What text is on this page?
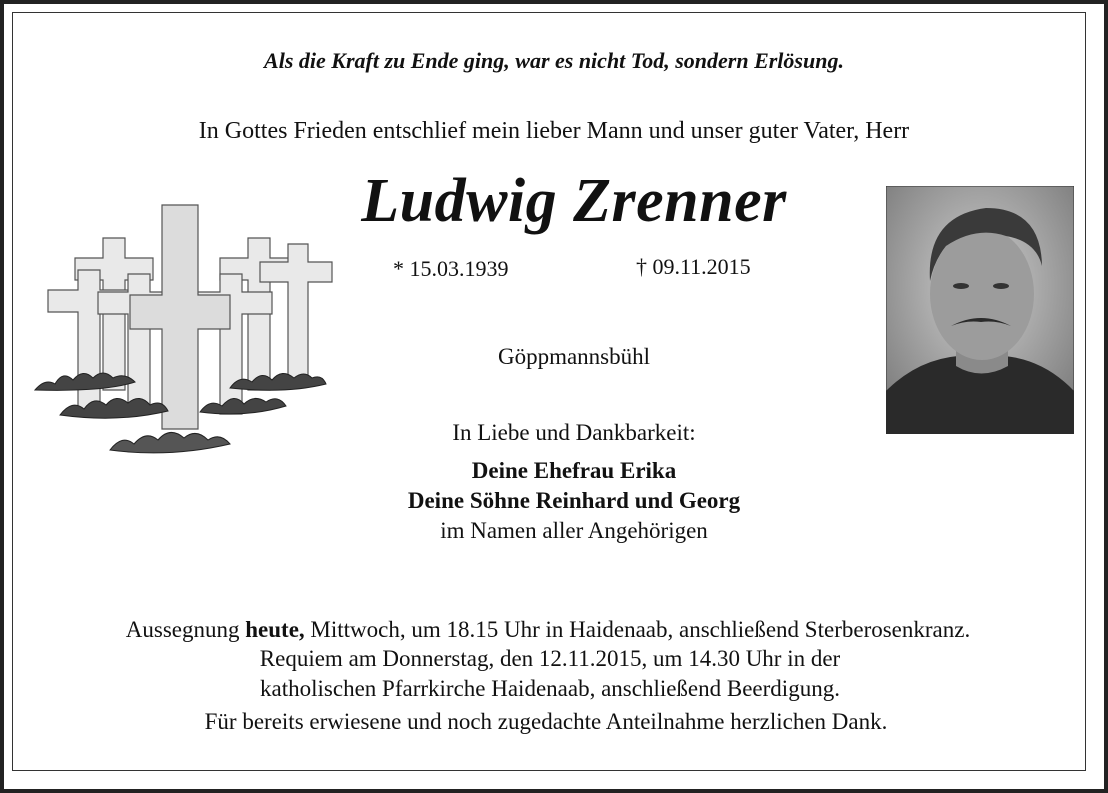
Als die Kraft zu Ende ging, war es nicht Tod, sondern Erlösung.
In Gottes Frieden entschlief mein lieber Mann und unser guter Vater, Herr
Ludwig Zrenner
* 15.03.1939	† 09.11.2015
Göppmannsbühl
In Liebe und Dankbarkeit:
Deine Ehefrau Erika
Deine Söhne Reinhard und Georg
im Namen aller Angehörigen
Aussegnung heute, Mittwoch, um 18.15 Uhr in Haidenaab, anschließend Sterberosenkranz.
Requiem am Donnerstag, den 12.11.2015, um 14.30 Uhr in der
katholischen Pfarrkirche Haidenaab, anschließend Beerdigung.
Für bereits erwiesene und noch zugedachte Anteilnahme herzlichen Dank.
